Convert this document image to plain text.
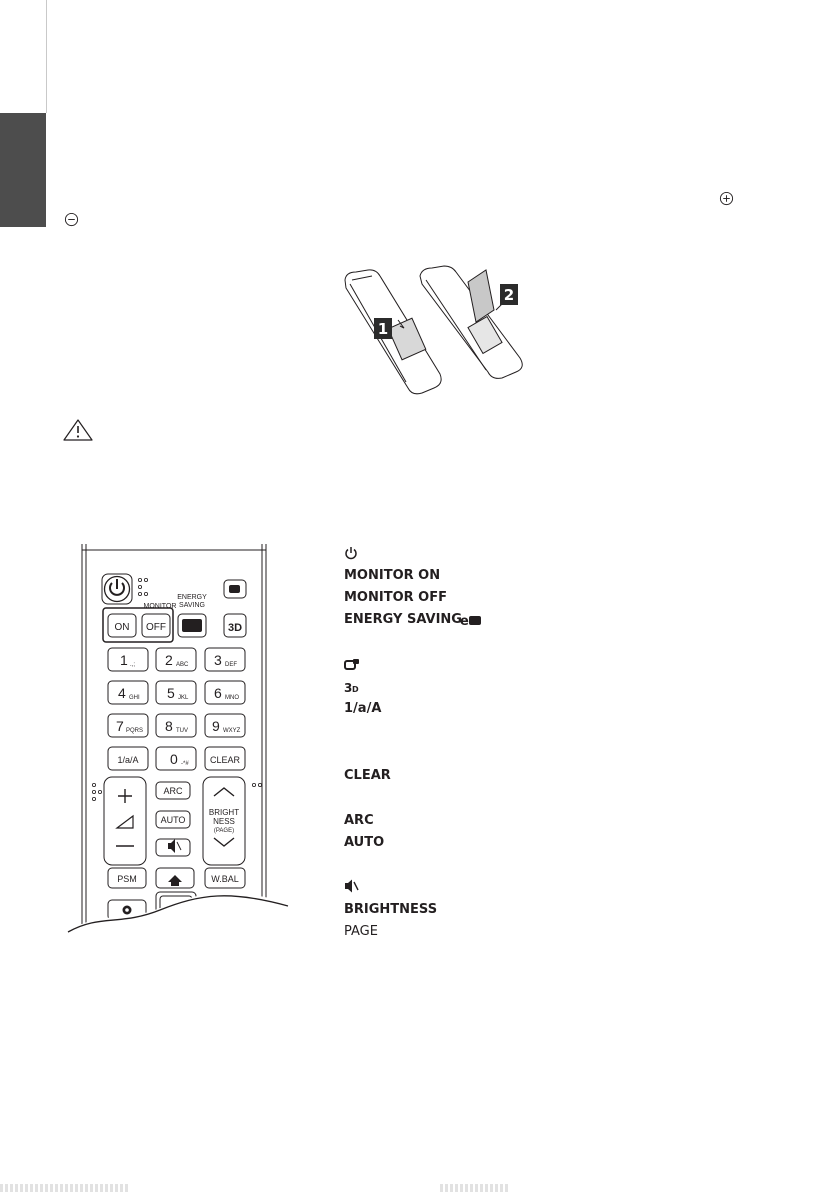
1
2
MONITOR
ENERGY
SAVING
ON OFF	3D
1 .,; 2 ABC 3 DEF
4 GHI 5 JKL 6 MNO
7 PQRS 8 TUV 9 WXYZ
1/a/A 0 -*# CLEAR
ARC
AUTO
BRIGHT
NESS
(PAGE)
PSM	W.BAL
MONITOR ON
MONITOR OFF
ENERGY SAVING
e
3 D
1/a/A
CLEAR
ARC
AUTO
BRIGHTNESS
PAGE
